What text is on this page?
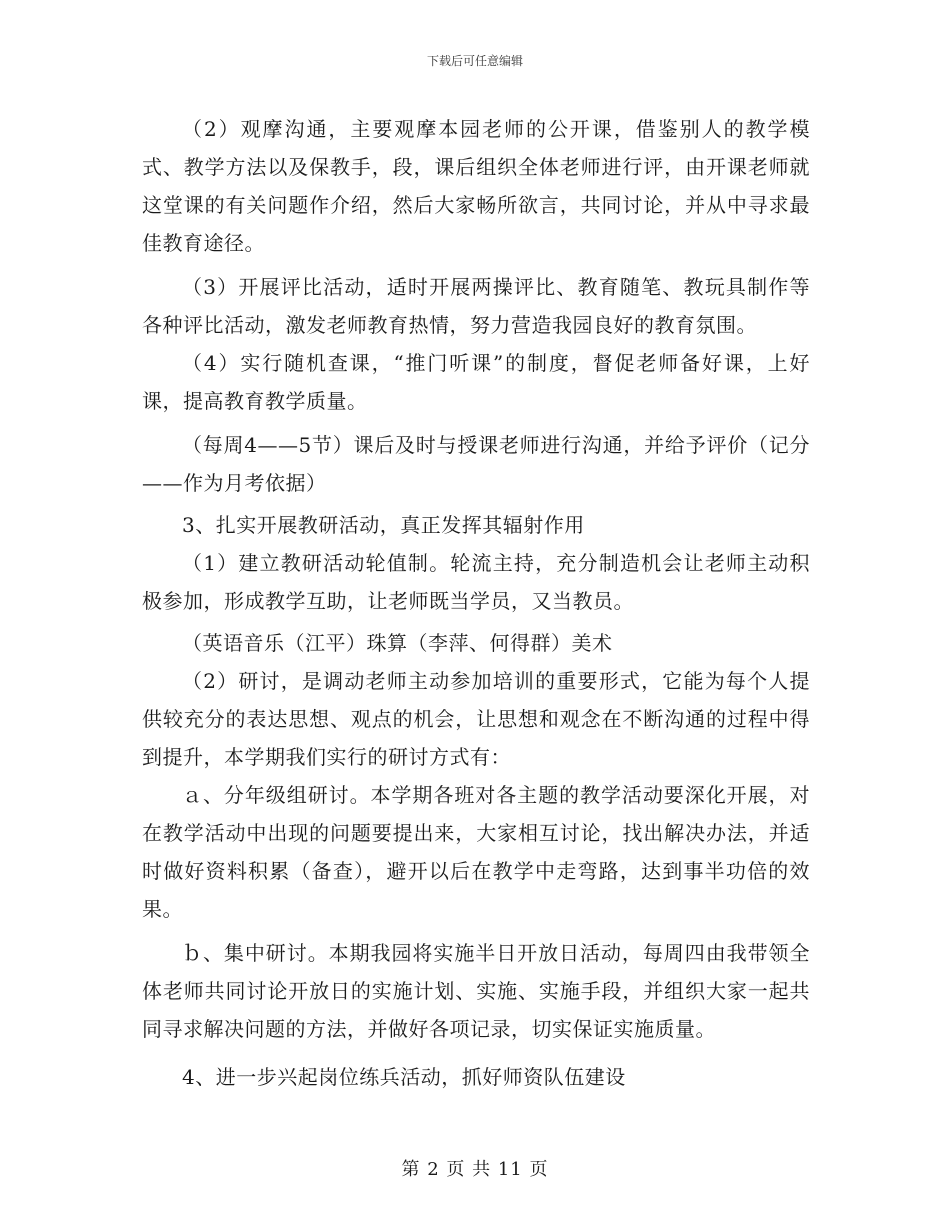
下载后可任意编辑

（2）观摩沟通，主要观摩本园老师的公开课，借鉴别人的教学模式、教学方法以及保教手，段，课后组织全体老师进行评，由开课老师就这堂课的有关问题作介绍，然后大家畅所欲言，共同讨论，并从中寻求最佳教育途径。

（3）开展评比活动，适时开展两操评比、教育随笔、教玩具制作等各种评比活动，激发老师教育热情，努力营造我园良好的教育氛围。

（4）实行随机查课，“推门听课”的制度，督促老师备好课，上好课，提高教育教学质量。

（每周4——5节）课后及时与授课老师进行沟通，并给予评价（记分——作为月考依据）

3、扎实开展教研活动，真正发挥其辐射作用

（1）建立教研活动轮值制。轮流主持，充分制造机会让老师主动积极参加，形成教学互助，让老师既当学员，又当教员。

（英语音乐（江平）珠算（李萍、何得群）美术

（2）研讨，是调动老师主动参加培训的重要形式，它能为每个人提供较充分的表达思想、观点的机会，让思想和观念在不断沟通的过程中得到提升，本学期我们实行的研讨方式有：

ａ、分年级组研讨。本学期各班对各主题的教学活动要深化开展，对在教学活动中出现的问题要提出来，大家相互讨论，找出解决办法，并适时做好资料积累（备查），避开以后在教学中走弯路，达到事半功倍的效果。

ｂ、集中研讨。本期我园将实施半日开放日活动，每周四由我带领全体老师共同讨论开放日的实施计划、实施、实施手段，并组织大家一起共同寻求解决问题的方法，并做好各项记录，切实保证实施质量。

4、进一步兴起岗位练兵活动，抓好师资队伍建设

第 2 页 共 11 页
